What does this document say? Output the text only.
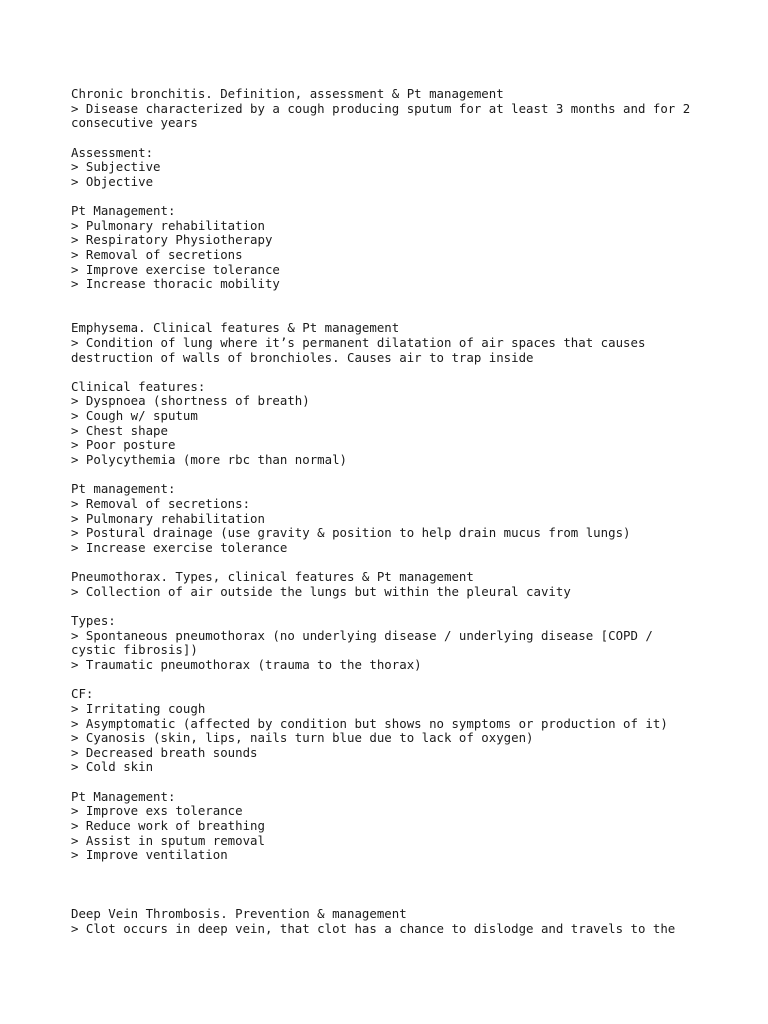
Chronic bronchitis. Definition, assessment & Pt management
> Disease characterized by a cough producing sputum for at least 3 months and for 2
consecutive years
Assessment:
> Subjective
> Objective
Pt Management:
> Pulmonary rehabilitation
> Respiratory Physiotherapy
> Removal of secretions
> Improve exercise tolerance
> Increase thoracic mobility
Emphysema. Clinical features & Pt management
> Condition of lung where it’s permanent dilatation of air spaces that causes
destruction of walls of bronchioles. Causes air to trap inside
Clinical features:
> Dyspnoea (shortness of breath)
> Cough w/ sputum
> Chest shape
> Poor posture
> Polycythemia (more rbc than normal)
Pt management:
> Removal of secretions:
> Pulmonary rehabilitation
> Postural drainage (use gravity & position to help drain mucus from lungs)
> Increase exercise tolerance
Pneumothorax. Types, clinical features & Pt management
> Collection of air outside the lungs but within the pleural cavity
Types:
> Spontaneous pneumothorax (no underlying disease / underlying disease [COPD /
cystic fibrosis])
> Traumatic pneumothorax (trauma to the thorax)
CF:
> Irritating cough
> Asymptomatic (affected by condition but shows no symptoms or production of it)
> Cyanosis (skin, lips, nails turn blue due to lack of oxygen)
> Decreased breath sounds
> Cold skin
Pt Management:
> Improve exs tolerance
> Reduce work of breathing
> Assist in sputum removal
> Improve ventilation
Deep Vein Thrombosis. Prevention & management
> Clot occurs in deep vein, that clot has a chance to dislodge and travels to the
